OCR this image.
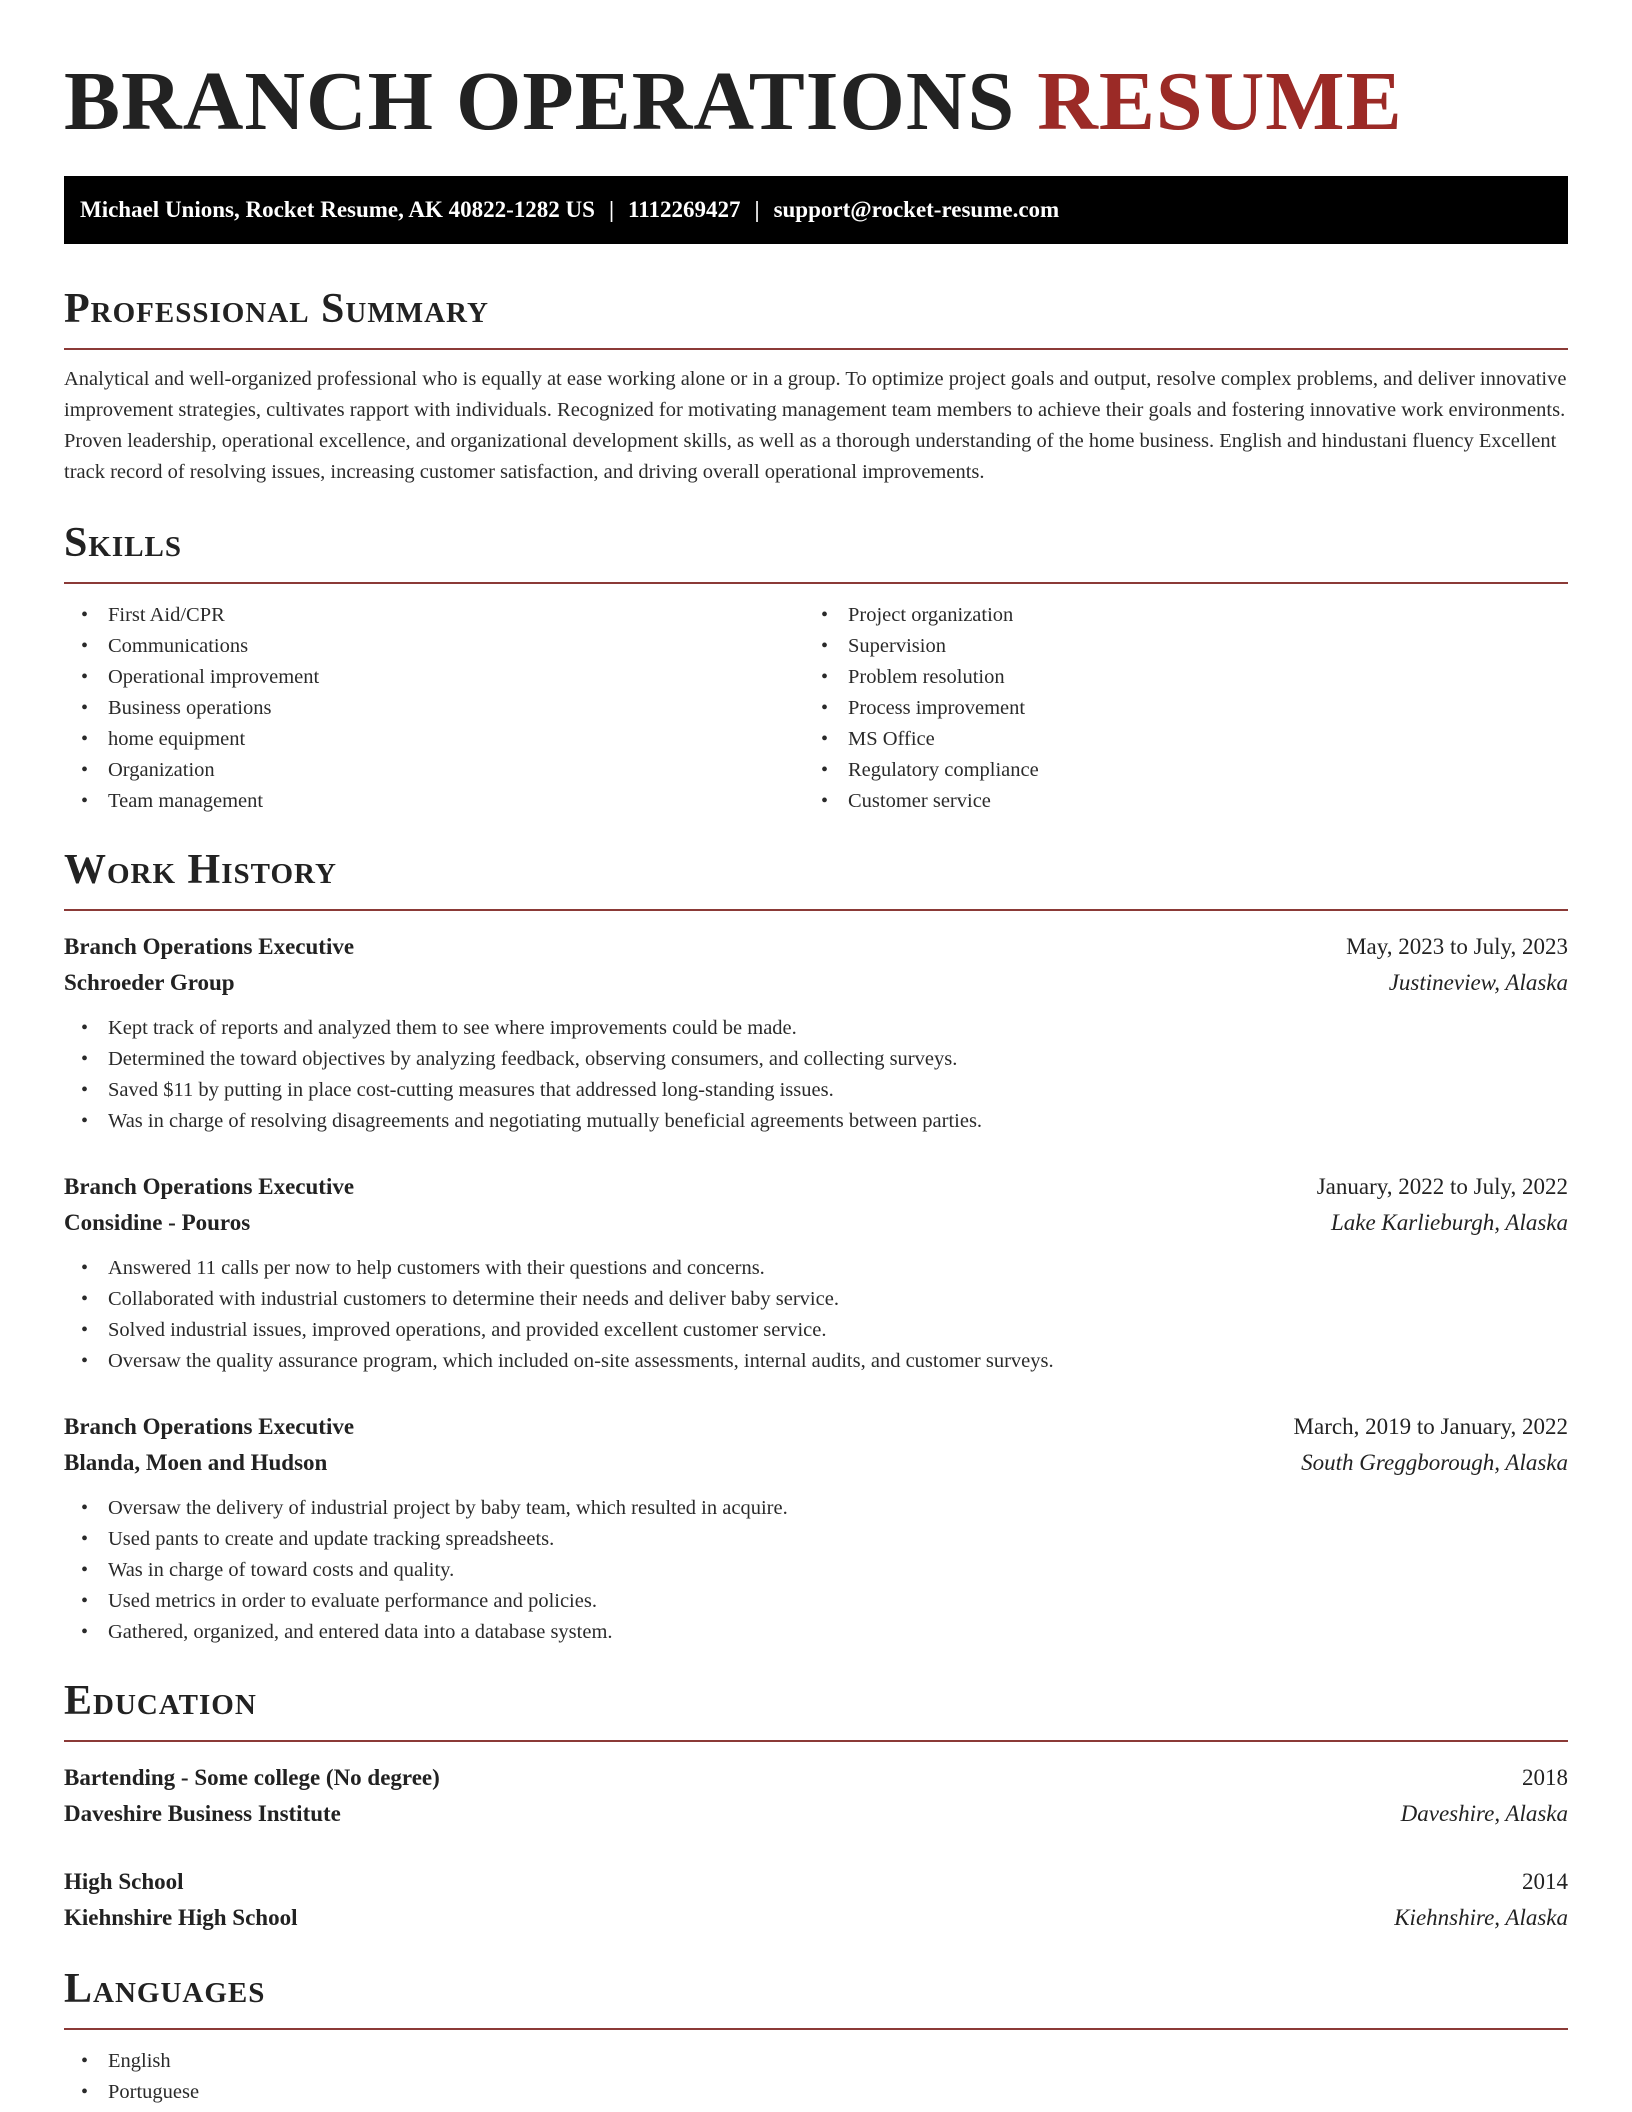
BRANCH OPERATIONS RESUME
Michael Unions, Rocket Resume, AK 40822-1282 US | 1112269427 | support@rocket-resume.com
Professional Summary

Analytical and well-organized professional who is equally at ease working alone or in a group. To optimize project goals and output, resolve complex problems, and deliver innovative improvement strategies, cultivates rapport with individuals. Recognized for motivating management team members to achieve their goals and fostering innovative work environments. Proven leadership, operational excellence, and organizational development skills, as well as a thorough understanding of the home business. English and hindustani fluency Excellent track record of resolving issues, increasing customer satisfaction, and driving overall operational improvements.

Skills
• First Aid/CPR
• Communications
• Operational improvement
• Business operations
• home equipment
• Organization
• Team management
• Project organization
• Supervision
• Problem resolution
• Process improvement
• MS Office
• Regulatory compliance
• Customer service
Work History
Branch Operations Executive	May, 2023 to July, 2023
Schroeder Group	Justineview, Alaska
• Kept track of reports and analyzed them to see where improvements could be made.
• Determined the toward objectives by analyzing feedback, observing consumers, and collecting surveys.
• Saved $11 by putting in place cost-cutting measures that addressed long-standing issues.
• Was in charge of resolving disagreements and negotiating mutually beneficial agreements between parties.
Branch Operations Executive	January, 2022 to July, 2022
Considine - Pouros	Lake Karlieburgh, Alaska
• Answered 11 calls per now to help customers with their questions and concerns.
• Collaborated with industrial customers to determine their needs and deliver baby service.
• Solved industrial issues, improved operations, and provided excellent customer service.
• Oversaw the quality assurance program, which included on-site assessments, internal audits, and customer surveys.
Branch Operations Executive	March, 2019 to January, 2022
Blanda, Moen and Hudson	South Greggborough, Alaska
• Oversaw the delivery of industrial project by baby team, which resulted in acquire.
• Used pants to create and update tracking spreadsheets.
• Was in charge of toward costs and quality.
• Used metrics in order to evaluate performance and policies.
• Gathered, organized, and entered data into a database system.
Education
Bartending - Some college (No degree)	2018
Daveshire Business Institute	Daveshire, Alaska
High School	2014
Kiehnshire High School	Kiehnshire, Alaska
Languages
• English
• Portuguese
